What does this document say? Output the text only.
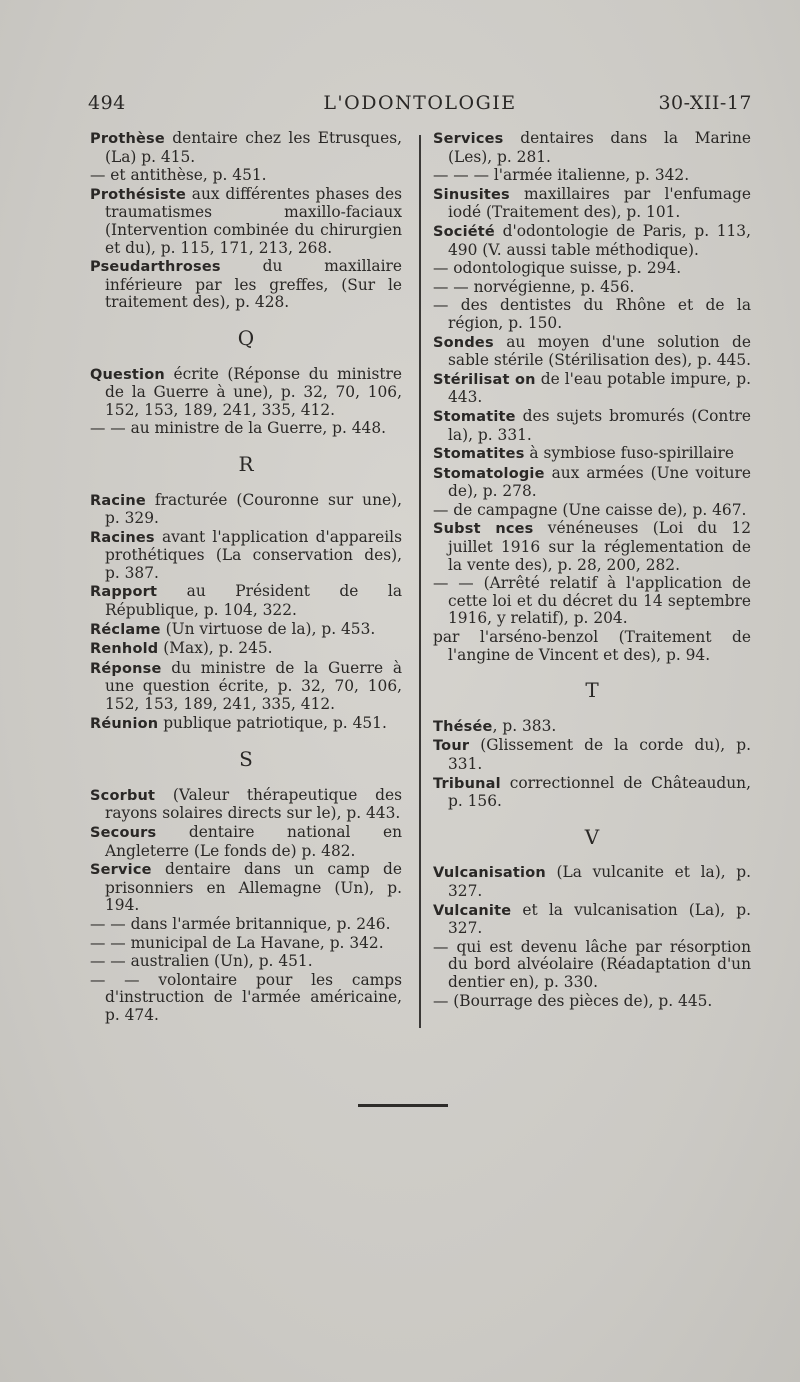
494	L'ODONTOLOGIE	30-XII-17
Prothèse dentaire chez les Etrusques, (La) p. 415.
— et antithèse, p. 451.
Prothésiste aux différentes phases des traumatismes maxillo-faciaux (Intervention combinée du chirurgien et du), p. 115, 171, 213, 268.
Pseudarthroses du maxillaire inférieure par les greffes, (Sur le traitement des), p. 428.
Q
Question écrite (Réponse du ministre de la Guerre à une), p. 32, 70, 106, 152, 153, 189, 241, 335, 412.
— — au ministre de la Guerre, p. 448.
R
Racine fracturée (Couronne sur une), p. 329.
Racines avant l'application d'appareils prothétiques (La conservation des), p. 387.
Rapport au Président de la République, p. 104, 322.
Réclame (Un virtuose de la), p. 453.
Renhold (Max), p. 245.
Réponse du ministre de la Guerre à une question écrite, p. 32, 70, 106, 152, 153, 189, 241, 335, 412.
Réunion publique patriotique, p. 451.
S
Scorbut (Valeur thérapeutique des rayons solaires directs sur le), p. 443.
Secours dentaire national en Angleterre (Le fonds de) p. 482.
Service dentaire dans un camp de prisonniers en Allemagne (Un), p. 194.
— — dans l'armée britannique, p. 246.
— — municipal de La Havane, p. 342.
— — australien (Un), p. 451.
— — volontaire pour les camps d'instruction de l'armée américaine, p. 474.
Services dentaires dans la Marine (Les), p. 281.
— — — l'armée italienne, p. 342.
Sinusites maxillaires par l'enfumage iodé (Traitement des), p. 101.
Société d'odontologie de Paris, p. 113, 490 (V. aussi table méthodique).
— odontologique suisse, p. 294.
— — norvégienne, p. 456.
— des dentistes du Rhône et de la région, p. 150.
Sondes au moyen d'une solution de sable stérile (Stérilisation des), p. 445.
Stérilisat on de l'eau potable impure, p. 443.
Stomatite des sujets bromurés (Contre la), p. 331.
Stomatites à symbiose fuso-spirillaire
Stomatologie aux armées (Une voiture de), p. 278.
— de campagne (Une caisse de), p. 467.
Subst nces vénéneuses (Loi du 12 juillet 1916 sur la réglementation de la vente des), p. 28, 200, 282.
— — (Arrêté relatif à l'application de cette loi et du décret du 14 septembre 1916, y relatif), p. 204.
par l'arséno-benzol (Traitement de l'angine de Vincent et des), p. 94.
T
Thésée, p. 383.
Tour (Glissement de la corde du), p. 331.
Tribunal correctionnel de Châteaudun, p. 156.
V
Vulcanisation (La vulcanite et la), p. 327.
Vulcanite et la vulcanisation (La), p. 327.
— qui est devenu lâche par résorption du bord alvéolaire (Réadaptation d'un dentier en), p. 330.
— (Bourrage des pièces de), p. 445.
